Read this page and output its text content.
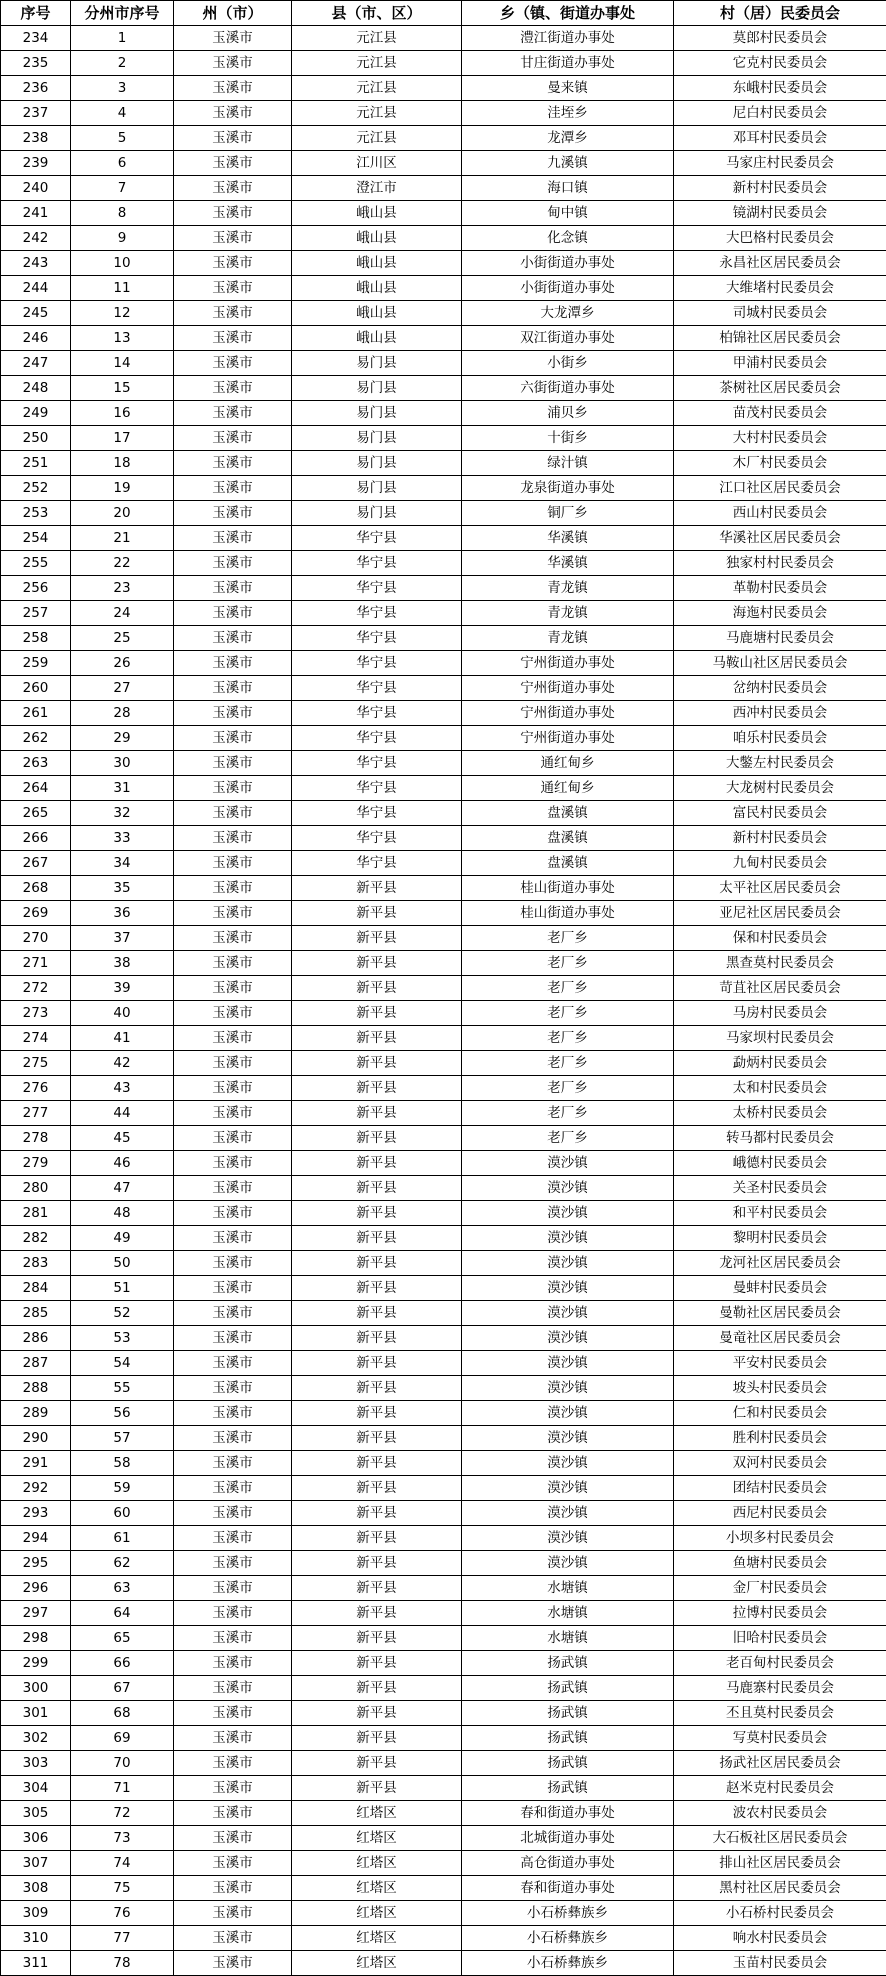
序号	分州市序号	州（市）	县（市、区）	乡（镇、街道办事处	村（居）民委员会
234	1	玉溪市	元江县	澧江街道办事处	莫郎村民委员会
235	2	玉溪市	元江县	甘庄街道办事处	它克村民委员会
236	3	玉溪市	元江县	曼来镇	东峨村民委员会
237	4	玉溪市	元江县	洼垤乡	尼白村民委员会
238	5	玉溪市	元江县	龙潭乡	邓耳村民委员会
239	6	玉溪市	江川区	九溪镇	马家庄村民委员会
240	7	玉溪市	澄江市	海口镇	新村村民委员会
241	8	玉溪市	峨山县	甸中镇	镜湖村民委员会
242	9	玉溪市	峨山县	化念镇	大巴格村民委员会
243	10	玉溪市	峨山县	小街街道办事处	永昌社区居民委员会
244	11	玉溪市	峨山县	小街街道办事处	大维堵村民委员会
245	12	玉溪市	峨山县	大龙潭乡	司城村民委员会
246	13	玉溪市	峨山县	双江街道办事处	柏锦社区居民委员会
247	14	玉溪市	易门县	小街乡	甲浦村民委员会
248	15	玉溪市	易门县	六街街道办事处	茶树社区居民委员会
249	16	玉溪市	易门县	浦贝乡	苗茂村民委员会
250	17	玉溪市	易门县	十街乡	大村村民委员会
251	18	玉溪市	易门县	绿汁镇	木厂村民委员会
252	19	玉溪市	易门县	龙泉街道办事处	江口社区居民委员会
253	20	玉溪市	易门县	铜厂乡	西山村民委员会
254	21	玉溪市	华宁县	华溪镇	华溪社区居民委员会
255	22	玉溪市	华宁县	华溪镇	独家村村民委员会
256	23	玉溪市	华宁县	青龙镇	革勒村民委员会
257	24	玉溪市	华宁县	青龙镇	海迤村民委员会
258	25	玉溪市	华宁县	青龙镇	马鹿塘村民委员会
259	26	玉溪市	华宁县	宁州街道办事处	马鞍山社区居民委员会
260	27	玉溪市	华宁县	宁州街道办事处	岔纳村民委员会
261	28	玉溪市	华宁县	宁州街道办事处	西冲村民委员会
262	29	玉溪市	华宁县	宁州街道办事处	咱乐村民委员会
263	30	玉溪市	华宁县	通红甸乡	大鐅左村民委员会
264	31	玉溪市	华宁县	通红甸乡	大龙树村民委员会
265	32	玉溪市	华宁县	盘溪镇	富民村民委员会
266	33	玉溪市	华宁县	盘溪镇	新村村民委员会
267	34	玉溪市	华宁县	盘溪镇	九甸村民委员会
268	35	玉溪市	新平县	桂山街道办事处	太平社区居民委员会
269	36	玉溪市	新平县	桂山街道办事处	亚尼社区居民委员会
270	37	玉溪市	新平县	老厂乡	保和村民委员会
271	38	玉溪市	新平县	老厂乡	黑查莫村民委员会
272	39	玉溪市	新平县	老厂乡	苛苴社区居民委员会
273	40	玉溪市	新平县	老厂乡	马房村民委员会
274	41	玉溪市	新平县	老厂乡	马家坝村民委员会
275	42	玉溪市	新平县	老厂乡	勐炳村民委员会
276	43	玉溪市	新平县	老厂乡	太和村民委员会
277	44	玉溪市	新平县	老厂乡	太桥村民委员会
278	45	玉溪市	新平县	老厂乡	转马都村民委员会
279	46	玉溪市	新平县	漠沙镇	峨德村民委员会
280	47	玉溪市	新平县	漠沙镇	关圣村民委员会
281	48	玉溪市	新平县	漠沙镇	和平村民委员会
282	49	玉溪市	新平县	漠沙镇	黎明村民委员会
283	50	玉溪市	新平县	漠沙镇	龙河社区居民委员会
284	51	玉溪市	新平县	漠沙镇	曼蚌村民委员会
285	52	玉溪市	新平县	漠沙镇	曼勒社区居民委员会
286	53	玉溪市	新平县	漠沙镇	曼竜社区居民委员会
287	54	玉溪市	新平县	漠沙镇	平安村民委员会
288	55	玉溪市	新平县	漠沙镇	坡头村民委员会
289	56	玉溪市	新平县	漠沙镇	仁和村民委员会
290	57	玉溪市	新平县	漠沙镇	胜利村民委员会
291	58	玉溪市	新平县	漠沙镇	双河村民委员会
292	59	玉溪市	新平县	漠沙镇	团结村民委员会
293	60	玉溪市	新平县	漠沙镇	西尼村民委员会
294	61	玉溪市	新平县	漠沙镇	小坝多村民委员会
295	62	玉溪市	新平县	漠沙镇	鱼塘村民委员会
296	63	玉溪市	新平县	水塘镇	金厂村民委员会
297	64	玉溪市	新平县	水塘镇	拉博村民委员会
298	65	玉溪市	新平县	水塘镇	旧哈村民委员会
299	66	玉溪市	新平县	扬武镇	老百甸村民委员会
300	67	玉溪市	新平县	扬武镇	马鹿寨村民委员会
301	68	玉溪市	新平县	扬武镇	丕且莫村民委员会
302	69	玉溪市	新平县	扬武镇	写莫村民委员会
303	70	玉溪市	新平县	扬武镇	扬武社区居民委员会
304	71	玉溪市	新平县	扬武镇	赵米克村民委员会
305	72	玉溪市	红塔区	春和街道办事处	波农村民委员会
306	73	玉溪市	红塔区	北城街道办事处	大石板社区居民委员会
307	74	玉溪市	红塔区	高仓街道办事处	排山社区居民委员会
308	75	玉溪市	红塔区	春和街道办事处	黑村社区居民委员会
309	76	玉溪市	红塔区	小石桥彝族乡	小石桥村民委员会
310	77	玉溪市	红塔区	小石桥彝族乡	响水村民委员会
311	78	玉溪市	红塔区	小石桥彝族乡	玉苗村民委员会
